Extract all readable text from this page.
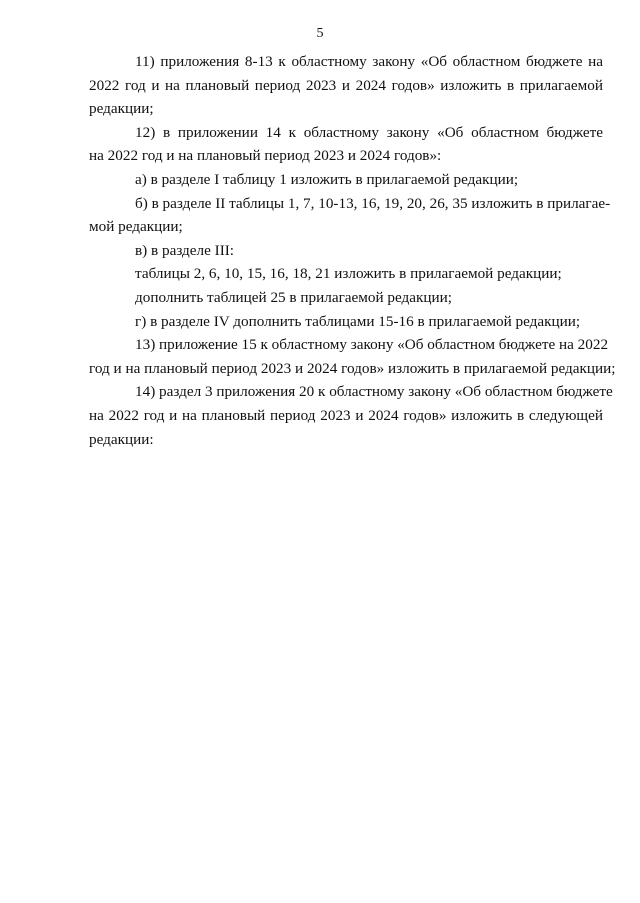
5
11) приложения 8-13 к областному закону «Об областном бюджете на
2022 год и на плановый период 2023 и 2024 годов» изложить в прилагаемой
редакции;
12) в приложении 14 к областному закону «Об областном бюджете
на 2022 год и на плановый период 2023 и 2024 годов»:
а) в разделе I таблицу 1 изложить в прилагаемой редакции;
б) в разделе II таблицы 1, 7, 10-13, 16, 19, 20, 26, 35 изложить в прилагае-
мой редакции;
в) в разделе III:
таблицы 2, 6, 10, 15, 16, 18, 21 изложить в прилагаемой редакции;
дополнить таблицей 25 в прилагаемой редакции;
г) в разделе IV дополнить таблицами 15-16 в прилагаемой редакции;
13) приложение 15 к областному закону «Об областном бюджете на 2022
год и на плановый период 2023 и 2024 годов» изложить в прилагаемой редакции;
14) раздел 3 приложения 20 к областному закону «Об областном бюджете
на 2022 год и на плановый период 2023 и 2024 годов» изложить в следующей
редакции:
